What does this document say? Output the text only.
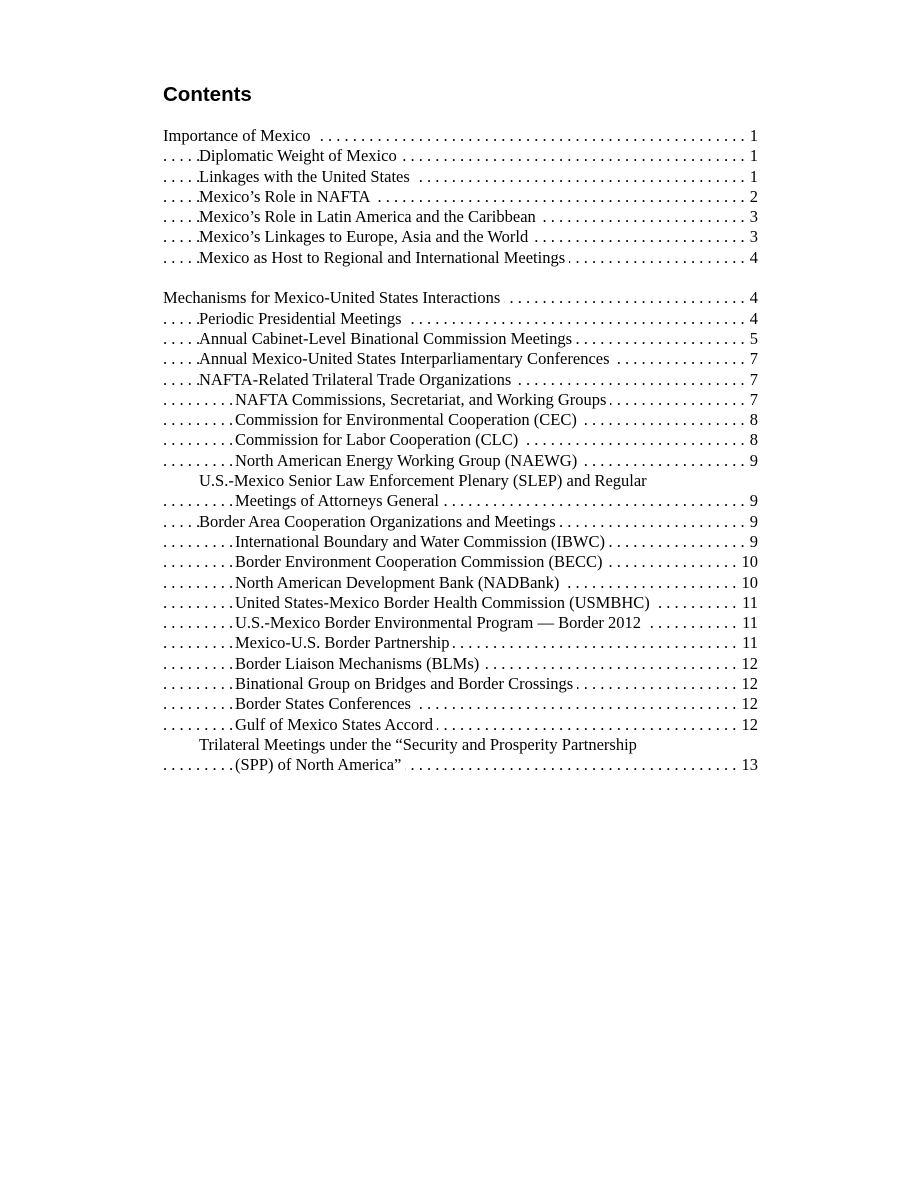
Contents
. . .
Importance of Mexico	1
. . .
Diplomatic Weight of Mexico	1
. . .
Linkages with the United States	1
. . .
Mexico’s Role in NAFTA	2
. . .
Mexico’s Role in Latin America and the Caribbean	3
. . .
Mexico’s Linkages to Europe, Asia and the World	3
. . .
Mexico as Host to Regional and International Meetings	4
. . .
Mechanisms for Mexico-United States Interactions	4
. . .
Periodic Presidential Meetings	4
. . .
Annual Cabinet-Level Binational Commission Meetings	5
. . .
Annual Mexico-United States Interparliamentary Conferences	7
. . .
NAFTA-Related Trilateral Trade Organizations	7
. . .
NAFTA Commissions, Secretariat, and Working Groups	7
. . .
Commission for Environmental Cooperation (CEC)	8
. . .
Commission for Labor Cooperation (CLC)	8
. . .
North American Energy Working Group (NAEWG)	9
U.S.-Mexico Senior Law Enforcement Plenary (SLEP) and Regular
. . .
Meetings of Attorneys General	9
. . .
Border Area Cooperation Organizations and Meetings	9
. . .
International Boundary and Water Commission (IBWC)	9
. . .
Border Environment Cooperation Commission (BECC)	10
. . .
North American Development Bank (NADBank)	10
. . .
United States-Mexico Border Health Commission (USMBHC)	11
. . .
U.S.-Mexico Border Environmental Program — Border 2012	11
. . .
Mexico-U.S. Border Partnership	11
. . .
Border Liaison Mechanisms (BLMs)	12
. . .
Binational Group on Bridges and Border Crossings	12
. . .
Border States Conferences	12
. . .
Gulf of Mexico States Accord	12
Trilateral Meetings under the “Security and Prosperity Partnership
. . .
(SPP) of North America”	13
